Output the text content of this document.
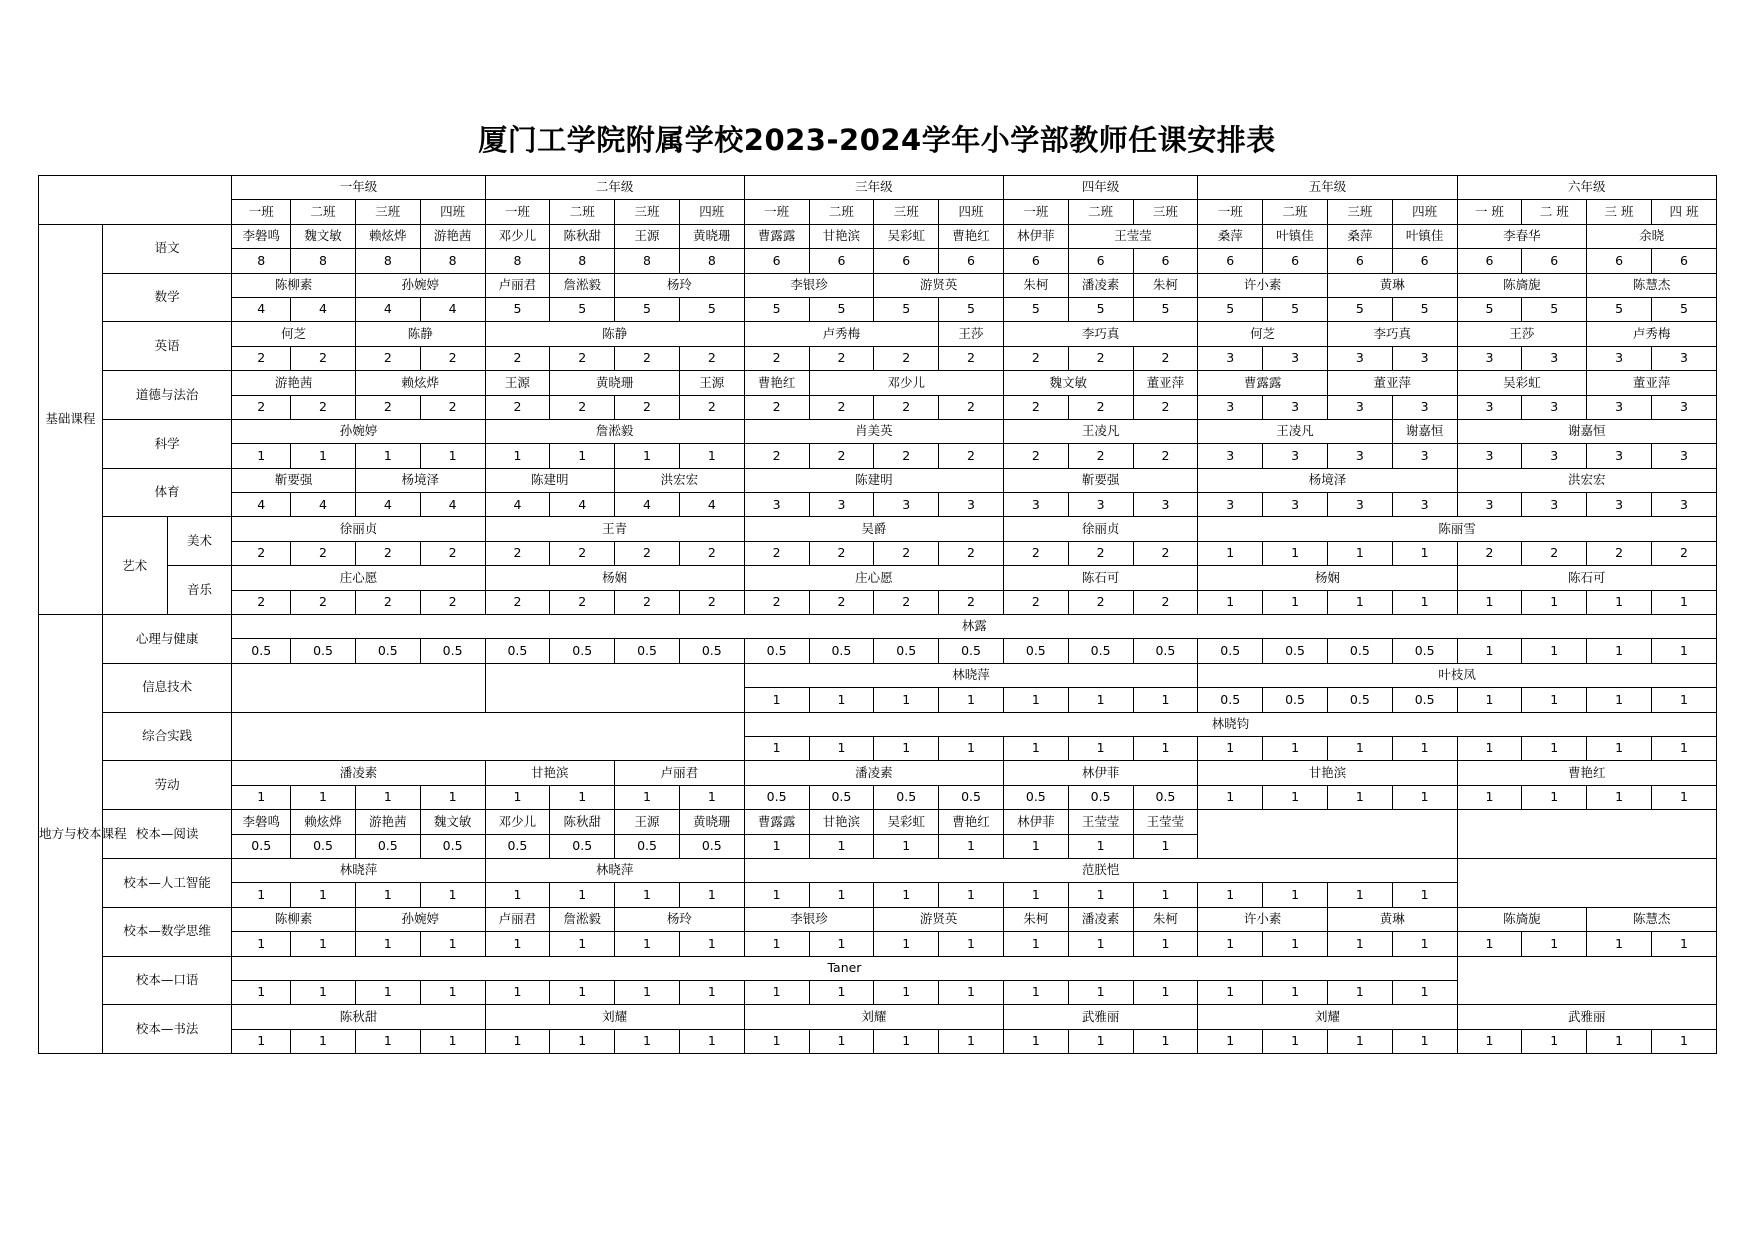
厦门工学院附属学校2023-2024学年小学部教师任课安排表
			一年级				二年级				三年级				四年级			五年级				六年级			
			一班	二班	三班	四班	一班	二班	三班	四班	一班	二班	三班	四班	一班	二班	三班	一班	二班	三班	四班	一 班	二 班	三 班	四 班
基础课程	语文		李磐鸣	魏文敏	赖炫烨	游艳茜	邓少儿	陈秋甜	王源	黄晓珊	曹露露	甘艳滨	吴彩虹	曹艳红	林伊菲	王莹莹		桑萍	叶镇佳	桑萍	叶镇佳	李春华		余晓	
			8	8	8	8	8	8	8	8	6	6	6	6	6	6	6	6	6	6	6	6	6	6	6
	数学		陈柳素		孙婉婷		卢丽君	詹淞毅	杨玲		李银珍		游贤英		朱柯	潘凌素	朱柯	许小素		黄琳		陈旖旎		陈慧杰	
			4	4	4	4	5	5	5	5	5	5	5	5	5	5	5	5	5	5	5	5	5	5	5
	英语		何芝		陈静		陈静				卢秀梅			王莎	李巧真			何芝		李巧真		王莎		卢秀梅	
			2	2	2	2	2	2	2	2	2	2	2	2	2	2	2	3	3	3	3	3	3	3	3
	道德与法治		游艳茜		赖炫烨		王源	黄晓珊		王源	曹艳红	邓少儿			魏文敏		董亚萍	曹露露		董亚萍		吴彩虹		董亚萍	
			2	2	2	2	2	2	2	2	2	2	2	2	2	2	2	3	3	3	3	3	3	3	3
	科学		孙婉婷				詹淞毅				肖美英				王凌凡			王凌凡			谢嘉恒	谢嘉恒			
			1	1	1	1	1	1	1	1	2	2	2	2	2	2	2	3	3	3	3	3	3	3	3
	体育		靳要强		杨境泽		陈建明		洪宏宏		陈建明				靳要强			杨境泽				洪宏宏			
			4	4	4	4	4	4	4	4	3	3	3	3	3	3	3	3	3	3	3	3	3	3	3
	艺术	美术	徐丽贞				王青				吴爵				徐丽贞			陈丽雪							
			2	2	2	2	2	2	2	2	2	2	2	2	2	2	2	1	1	1	1	2	2	2	2
		音乐	庄心愿				杨娴				庄心愿				陈石可			杨娴				陈石可			
			2	2	2	2	2	2	2	2	2	2	2	2	2	2	2	1	1	1	1	1	1	1	1
地方与校本课程	心理与健康		林露																						
			0.5	0.5	0.5	0.5	0.5	0.5	0.5	0.5	0.5	0.5	0.5	0.5	0.5	0.5	0.5	0.5	0.5	0.5	0.5	1	1	1	1
	信息技术										林晓萍							叶枝凤							
											1	1	1	1	1	1	1	0.5	0.5	0.5	0.5	1	1	1	1
	综合实践										林晓钧														
											1	1	1	1	1	1	1	1	1	1	1	1	1	1	1
	劳动		潘凌素				甘艳滨		卢丽君		潘凌素				林伊菲			甘艳滨				曹艳红			
			1	1	1	1	1	1	1	1	0.5	0.5	0.5	0.5	0.5	0.5	0.5	1	1	1	1	1	1	1	1
	校本—阅读		李磐鸣	赖炫烨	游艳茜	魏文敏	邓少儿	陈秋甜	王源	黄晓珊	曹露露	甘艳滨	吴彩虹	曹艳红	林伊菲	王莹莹	王莹莹								
			0.5	0.5	0.5	0.5	0.5	0.5	0.5	0.5	1	1	1	1	1	1	1								
	校本—人工智能		林晓萍				林晓萍				范朕恺														
			1	1	1	1	1	1	1	1	1	1	1	1	1	1	1	1	1	1	1				
	校本—数学思维		陈柳素		孙婉婷		卢丽君	詹淞毅	杨玲		李银珍		游贤英		朱柯	潘凌素	朱柯	许小素		黄琳		陈旖旎		陈慧杰	
			1	1	1	1	1	1	1	1	1	1	1	1	1	1	1	1	1	1	1	1	1	1	1
	校本—口语		Taner																						
			1	1	1	1	1	1	1	1	1	1	1	1	1	1	1	1	1	1	1				
	校本—书法		陈秋甜				刘耀				刘耀				武雅丽			刘耀				武雅丽			
			1	1	1	1	1	1	1	1	1	1	1	1	1	1	1	1	1	1	1	1	1	1	1
